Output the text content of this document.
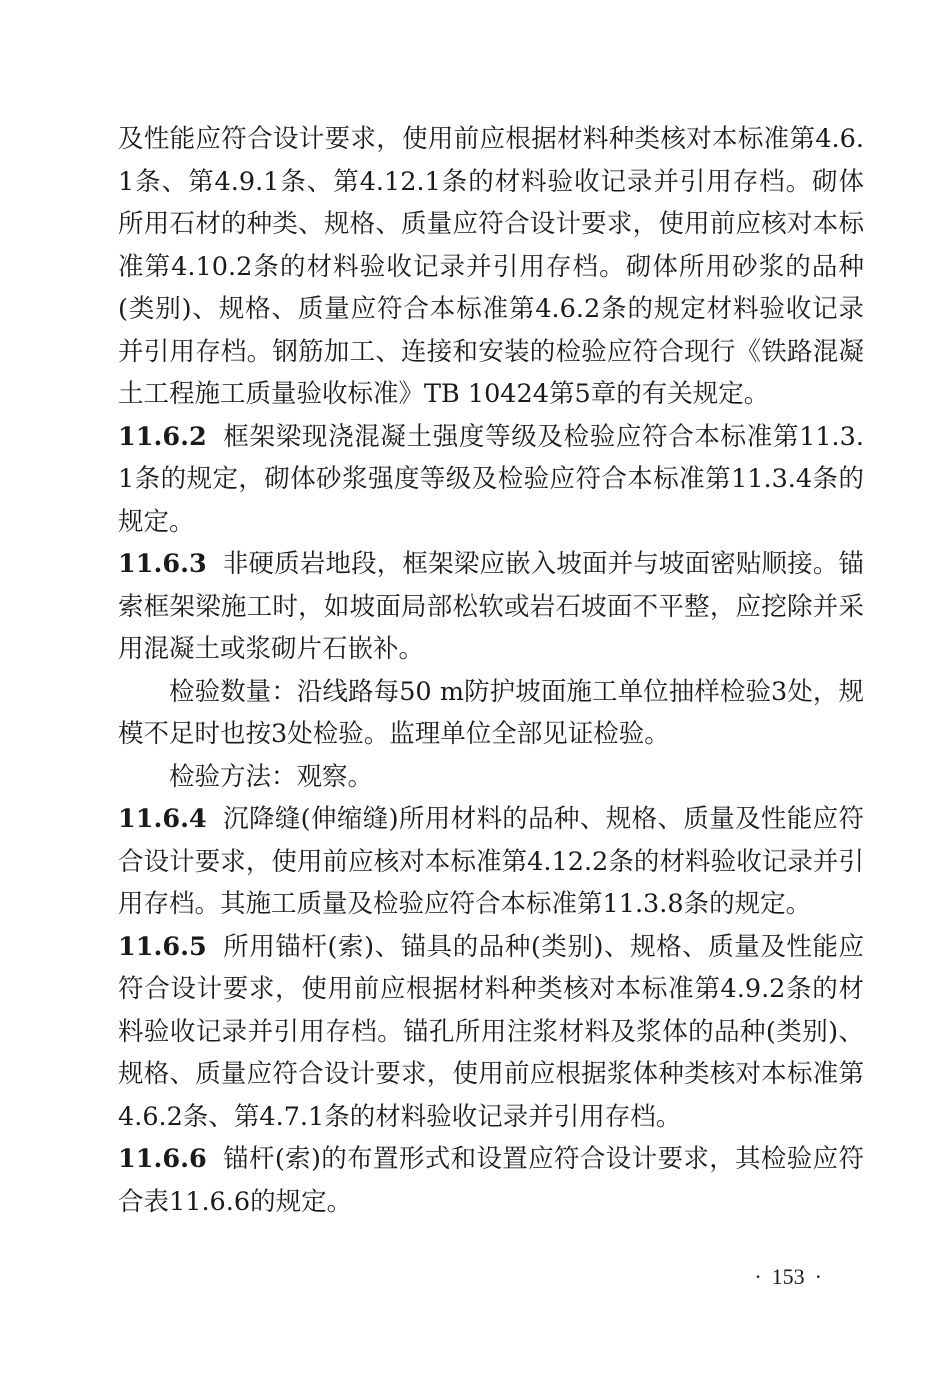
及性能应符合设计要求，使用前应根据材料种类核对本标准第4.6.1条、第4.9.1条、第4.12.1条的材料验收记录并引用存档。砌体所用石材的种类、规格、质量应符合设计要求，使用前应核对本标准第4.10.2条的材料验收记录并引用存档。砌体所用砂浆的品种(类别)、规格、质量应符合本标准第4.6.2条的规定材料验收记录并引用存档。钢筋加工、连接和安装的检验应符合现行《铁路混凝土工程施工质量验收标准》TB 10424第5章的有关规定。

11.6.2 框架梁现浇混凝土强度等级及检验应符合本标准第11.3.1条的规定，砌体砂浆强度等级及检验应符合本标准第11.3.4条的规定。

11.6.3 非硬质岩地段，框架梁应嵌入坡面并与坡面密贴顺接。锚索框架梁施工时，如坡面局部松软或岩石坡面不平整，应挖除并采用混凝土或浆砌片石嵌补。

检验数量：沿线路每50 m防护坡面施工单位抽样检验3处，规模不足时也按3处检验。监理单位全部见证检验。

检验方法：观察。

11.6.4 沉降缝(伸缩缝)所用材料的品种、规格、质量及性能应符合设计要求，使用前应核对本标准第4.12.2条的材料验收记录并引用存档。其施工质量及检验应符合本标准第11.3.8条的规定。

11.6.5 所用锚杆(索)、锚具的品种(类别)、规格、质量及性能应符合设计要求，使用前应根据材料种类核对本标准第4.9.2条的材料验收记录并引用存档。锚孔所用注浆材料及浆体的品种(类别)、规格、质量应符合设计要求，使用前应根据浆体种类核对本标准第4.6.2条、第4.7.1条的材料验收记录并引用存档。

11.6.6 锚杆(索)的布置形式和设置应符合设计要求，其检验应符合表11.6.6的规定。

· 153 ·
